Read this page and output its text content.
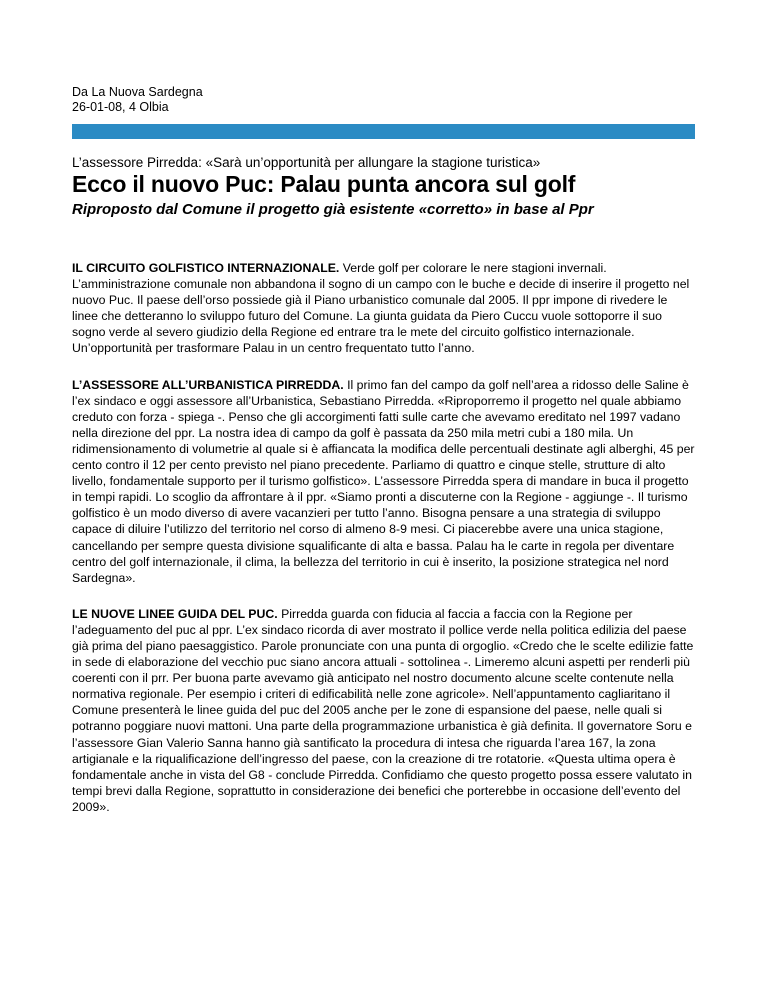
Da La Nuova Sardegna
26-01-08, 4 Olbia
L’assessore Pirredda: «Sarà un’opportunità per allungare la stagione turistica»
Ecco il nuovo Puc: Palau punta ancora sul golf
Riproposto dal Comune il progetto già esistente «corretto» in base al Ppr

IL CIRCUITO GOLFISTICO INTERNAZIONALE. Verde golf per colorare le nere stagioni invernali. L’amministrazione comunale non abbandona il sogno di un campo con le buche e decide di inserire il progetto nel nuovo Puc. Il paese dell’orso possiede già il Piano urbanistico comunale dal 2005. Il ppr impone di rivedere le linee che detteranno lo sviluppo futuro del Comune. La giunta guidata da Piero Cuccu vuole sottoporre il suo sogno verde al severo giudizio della Regione ed entrare tra le mete del circuito golfistico internazionale. Un’opportunità per trasformare Palau in un centro frequentato tutto l’anno.

L’ASSESSORE ALL’URBANISTICA PIRREDDA. Il primo fan del campo da golf nell’area a ridosso delle Saline è l’ex sindaco e oggi assessore all’Urbanistica, Sebastiano Pirredda. «Riproporremo il progetto nel quale abbiamo creduto con forza - spiega -. Penso che gli accorgimenti fatti sulle carte che avevamo ereditato nel 1997 vadano nella direzione del ppr. La nostra idea di campo da golf è passata da 250 mila metri cubi a 180 mila. Un ridimensionamento di volumetrie al quale si è affiancata la modifica delle percentuali destinate agli alberghi, 45 per cento contro il 12 per cento previsto nel piano precedente. Parliamo di quattro e cinque stelle, strutture di alto livello, fondamentale supporto per il turismo golfistico». L’assessore Pirredda spera di mandare in buca il progetto in tempi rapidi. Lo scoglio da affrontare à il ppr. «Siamo pronti a discuterne con la Regione - aggiunge -. Il turismo golfistico è un modo diverso di avere vacanzieri per tutto l’anno. Bisogna pensare a una strategia di sviluppo capace di diluire l’utilizzo del territorio nel corso di almeno 8-9 mesi. Ci piacerebbe avere una unica stagione, cancellando per sempre questa divisione squalificante di alta e bassa. Palau ha le carte in regola per diventare centro del golf internazionale, il clima, la bellezza del territorio in cui è inserito, la posizione strategica nel nord Sardegna».

LE NUOVE LINEE GUIDA DEL PUC. Pirredda guarda con fiducia al faccia a faccia con la Regione per l’adeguamento del puc al ppr. L’ex sindaco ricorda di aver mostrato il pollice verde nella politica edilizia del paese già prima del piano paesaggistico. Parole pronunciate con una punta di orgoglio. «Credo che le scelte edilizie fatte in sede di elaborazione del vecchio puc siano ancora attuali - sottolinea -. Limeremo alcuni aspetti per renderli più coerenti con il prr. Per buona parte avevamo già anticipato nel nostro documento alcune scelte contenute nella normativa regionale. Per esempio i criteri di edificabilità nelle zone agricole». Nell’appuntamento cagliaritano il Comune presenterà le linee guida del puc del 2005 anche per le zone di espansione del paese, nelle quali si potranno poggiare nuovi mattoni. Una parte della programmazione urbanistica è già definita. Il governatore Soru e l’assessore Gian Valerio Sanna hanno già santificato la procedura di intesa che riguarda l’area 167, la zona artigianale e la riqualificazione dell’ingresso del paese, con la creazione di tre rotatorie. «Questa ultima opera è fondamentale anche in vista del G8 - conclude Pirredda. Confidiamo che questo progetto possa essere valutato in tempi brevi dalla Regione, soprattutto in considerazione dei benefici che porterebbe in occasione dell’evento del 2009».
